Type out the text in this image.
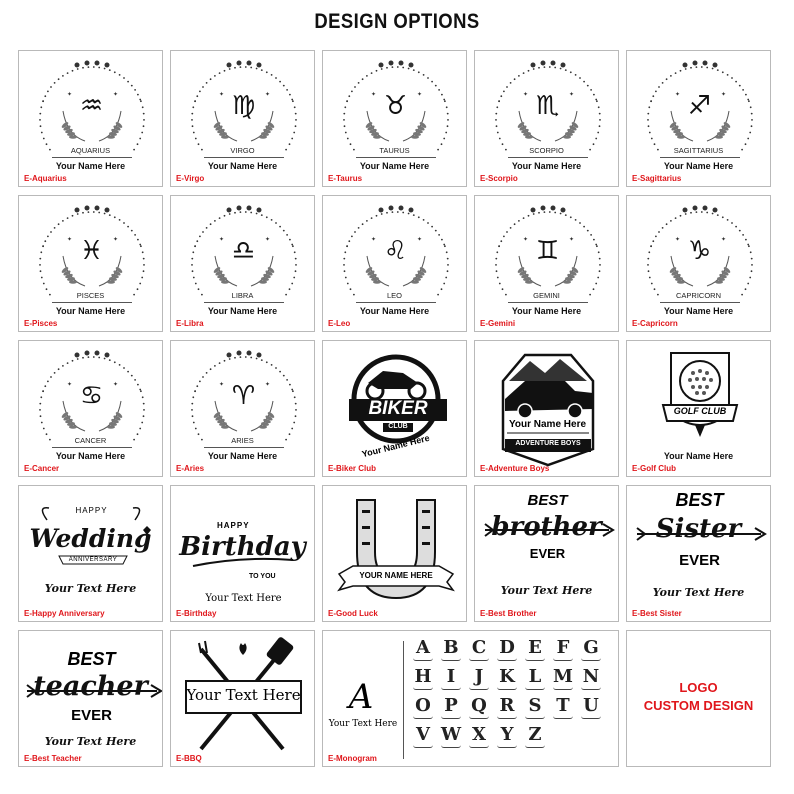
DESIGN OPTIONS
✦	✦
♒
AQUARIUS
Your Name Here
E-Aquarius
✦	✦
♍
VIRGO
Your Name Here
E-Virgo
✦	✦
♉
TAURUS
Your Name Here
E-Taurus
✦	✦
♏
SCORPIO
Your Name Here
E-Scorpio
✦	✦
♐
SAGITTARIUS
Your Name Here
E-Sagittarius
✦	✦
♓
PISCES
Your Name Here
E-Pisces
✦	✦
♎
LIBRA
Your Name Here
E-Libra
✦	✦
♌
LEO
Your Name Here
E-Leo
✦	✦
♊
GEMINI
Your Name Here
E-Gemini
✦	✦
♑
CAPRICORN
Your Name Here
E-Capricorn
✦	✦
♋
CANCER
Your Name Here
E-Cancer
✦	✦
♈
ARIES
Your Name Here
E-Aries
BIKER
CLUB
Your Name Here
E-Biker Club
Your Name Here
ADVENTURE BOYS
E-Adventure Boys
GOLF CLUB
Your Name Here
E-Golf Club
HAPPY
Wedding
ANNIVERSARY
Your Text Here
E-Happy Anniversary
HAPPY
Birthday
TO YOU
Your Text Here
E-Birthday
YOUR NAME HERE
E-Good Luck
BEST
brother
EVER
Your Text Here
E-Best Brother
BEST
Sister
EVER
Your Text Here
E-Best Sister
BEST
teacher
EVER
Your Text Here
E-Best Teacher
Your Text Here
E-BBQ
A
Your Text Here
A B C D E F G
H I	J K L M N
O P Q R S T U
V W X Y Z
E-Monogram
LOGO
CUSTOM DESIGN
